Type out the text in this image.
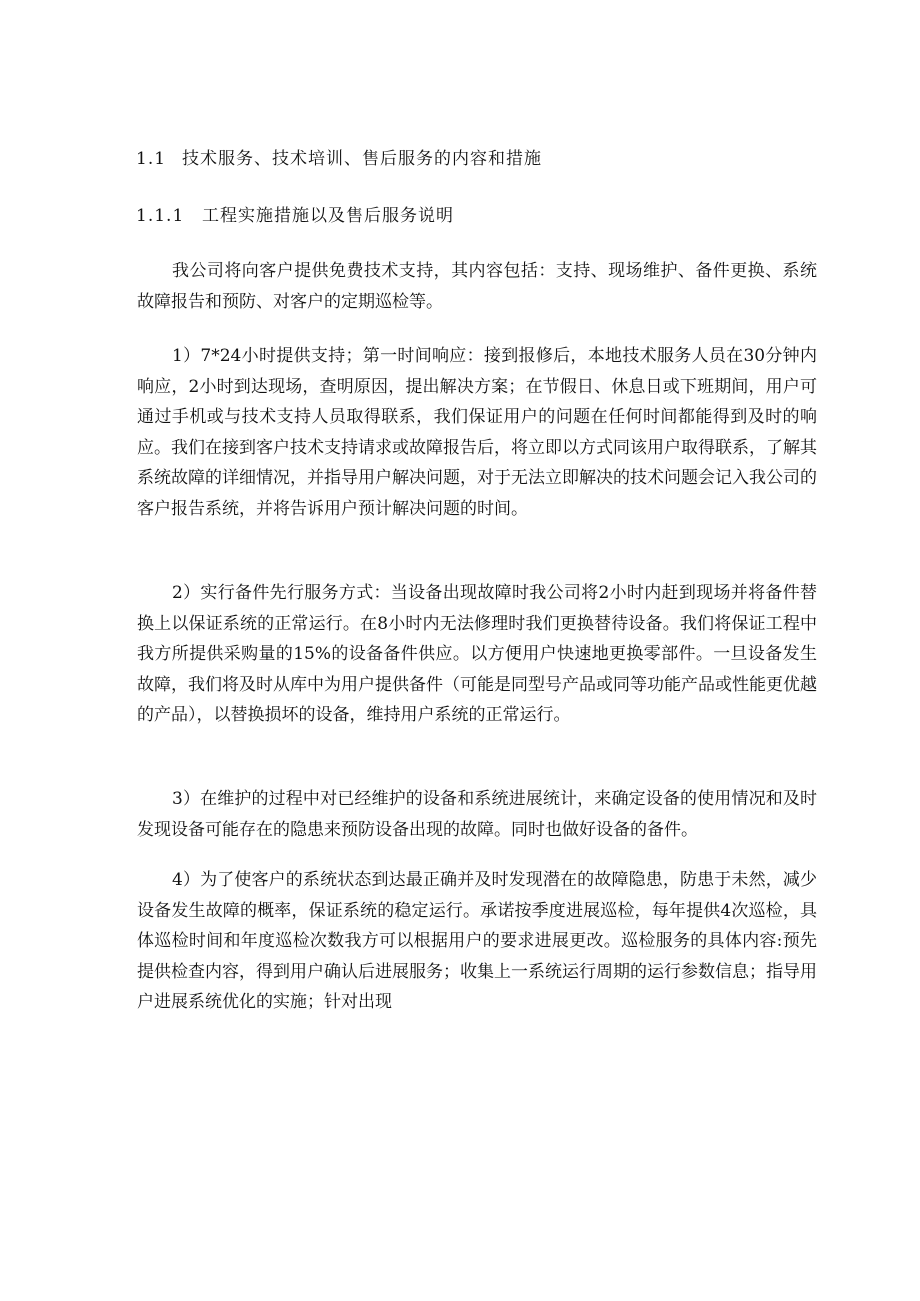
1.1 技术服务、技术培训、售后服务的内容和措施
1.1.1 工程实施措施以及售后服务说明

我公司将向客户提供免费技术支持，其内容包括：支持、现场维护、备件更换、系统故障报告和预防、对客户的定期巡检等。

1）7*24小时提供支持；第一时间响应：接到报修后，本地技术服务人员在30分钟内响应，2小时到达现场，查明原因，提出解决方案；在节假日、休息日或下班期间，用户可通过手机或与技术支持人员取得联系，我们保证用户的问题在任何时间都能得到及时的响应。我们在接到客户技术支持请求或故障报告后，将立即以方式同该用户取得联系，了解其系统故障的详细情况，并指导用户解决问题，对于无法立即解决的技术问题会记入我公司的客户报告系统，并将告诉用户预计解决问题的时间。

2）实行备件先行服务方式：当设备出现故障时我公司将2小时内赶到现场并将备件替换上以保证系统的正常运行。在8小时内无法修理时我们更换替待设备。我们将保证工程中我方所提供采购量的15%的设备备件供应。以方便用户快速地更换零部件。一旦设备发生故障，我们将及时从库中为用户提供备件（可能是同型号产品或同等功能产品或性能更优越的产品），以替换损坏的设备，维持用户系统的正常运行。

3）在维护的过程中对已经维护的设备和系统进展统计，来确定设备的使用情况和及时发现设备可能存在的隐患来预防设备出现的故障。同时也做好设备的备件。

4）为了使客户的系统状态到达最正确并及时发现潜在的故障隐患，防患于未然，减少设备发生故障的概率，保证系统的稳定运行。承诺按季度进展巡检，每年提供4次巡检，具体巡检时间和年度巡检次数我方可以根据用户的要求进展更改。巡检服务的具体内容:预先提供检查内容，得到用户确认后进展服务；收集上一系统运行周期的运行参数信息；指导用户进展系统优化的实施；针对出现
